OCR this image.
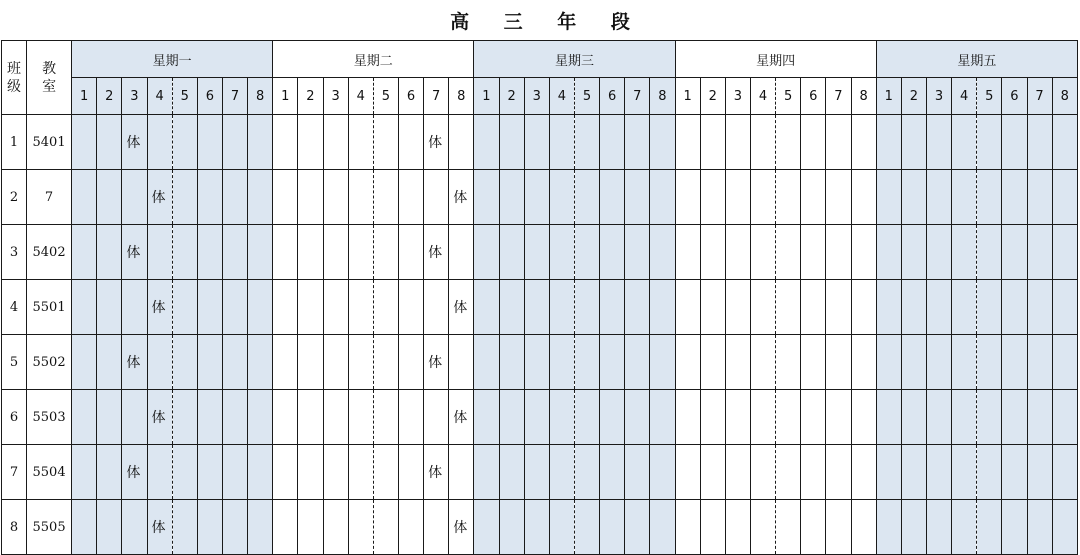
高 三 年 段
班级	教室	星期一								星期二								星期三								星期四								星期五							
		1	2	3	4	5	6	7	8	1	2	3	4	5	6	7	8	1	2	3	4	5	6	7	8	1	2	3	4	5	6	7	8	1	2	3	4	5	6	7	8
1	5401			体												体																									
2	7				体												体																								
3	5402			体												体																									
4	5501				体												体																								
5	5502			体												体																									
6	5503				体												体																								
7	5504			体												体																									
8	5505				体												体																								
